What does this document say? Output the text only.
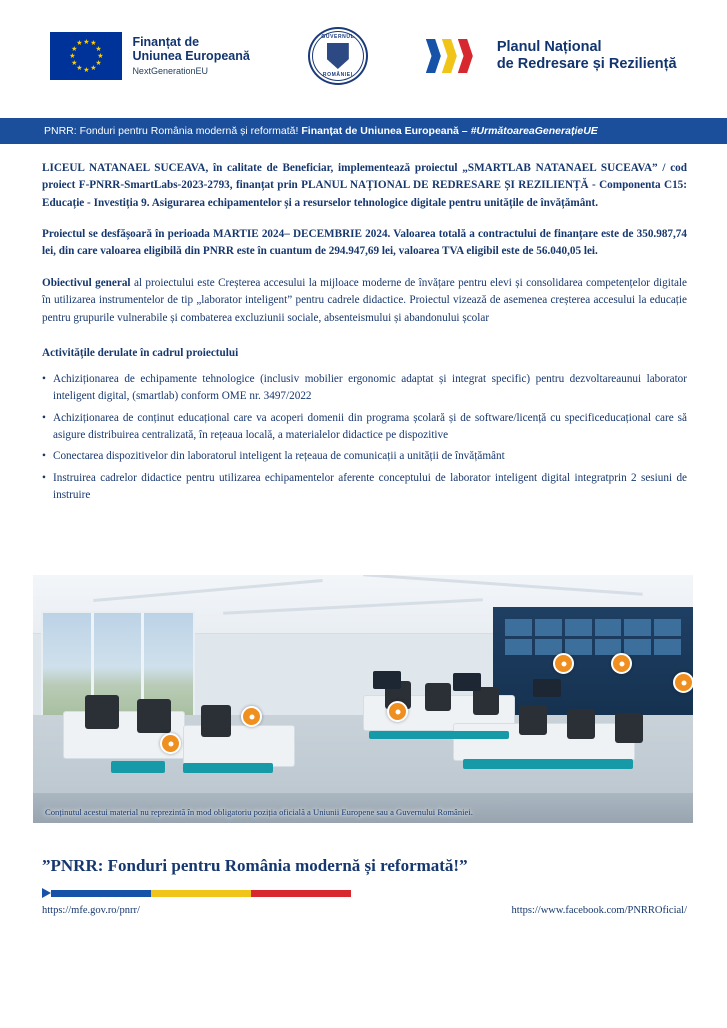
★ ★
★
★
★
★
★
★
★
★
★
★	Finanțat de
Uniunea Europeană
NextGenerationEU
GUVERNUL
ROMÂNIEI
Planul Național
de Redresare și Reziliență
PNRR: Fonduri pentru România modernă și reformată! Finanțat de Uniunea Europeană – #UrmătoareaGenerațieUE

LICEUL NATANAEL SUCEAVA, în calitate de Beneficiar, implementează proiectul „SMARTLAB NATANAEL SUCEAVA” / cod proiect F-PNRR-SmartLabs-2023-2793, finanțat prin PLANUL NAȚIONAL DE REDRESARE ȘI REZILIENȚĂ - Componenta C15: Educație - Investiția 9. Asigurarea echipamentelor și a resurselor tehnologice digitale pentru unitățile de învățământ.

Proiectul se desfășoară în perioada MARTIE 2024– DECEMBRIE 2024. Valoarea totală a contractului de finanțare este de 350.987,74 lei, din care valoarea eligibilă din PNRR este în cuantum de 294.947,69 lei, valoarea TVA eligibil este de 56.040,05 lei.

Obiectivul general al proiectului este Creșterea accesului la mijloace moderne de învățare pentru elevi și consolidarea competențelor digitale în utilizarea instrumentelor de tip „laborator inteligent” pentru cadrele didactice. Proiectul vizează de asemenea creșterea accesului la educație pentru grupurile vulnerabile și combaterea excluziunii sociale, absenteismului și abandonului școlar

Activitățile derulate în cadrul proiectului
• Achiziționarea de echipamente tehnologice (inclusiv mobilier ergonomic adaptat și integrat specific) pentru dezvoltareaunui laborator inteligent digital, (smartlab) conform OME nr. 3497/2022
• Achiziționarea de conținut educațional care va acoperi domenii din programa școlară și de software/licență cu specificeducațional care să asigure distribuirea centralizată, în rețeaua locală, a materialelor didactice pe dispozitive
• Conectarea dispozitivelor din laboratorul inteligent la rețeaua de comunicații a unității de învățământ
• Instruirea cadrelor didactice pentru utilizarea echipamentelor aferente conceptului de laborator inteligent digital integratprin 2 sesiuni de instruire
Conținutul acestui material nu reprezintă în mod obligatoriu poziția oficială a Uniunii Europene sau a Guvernului României.
”PNRR: Fonduri pentru România modernă și reformată!”
https://mfe.gov.ro/pnrr/	https://www.facebook.com/PNRROficial/
